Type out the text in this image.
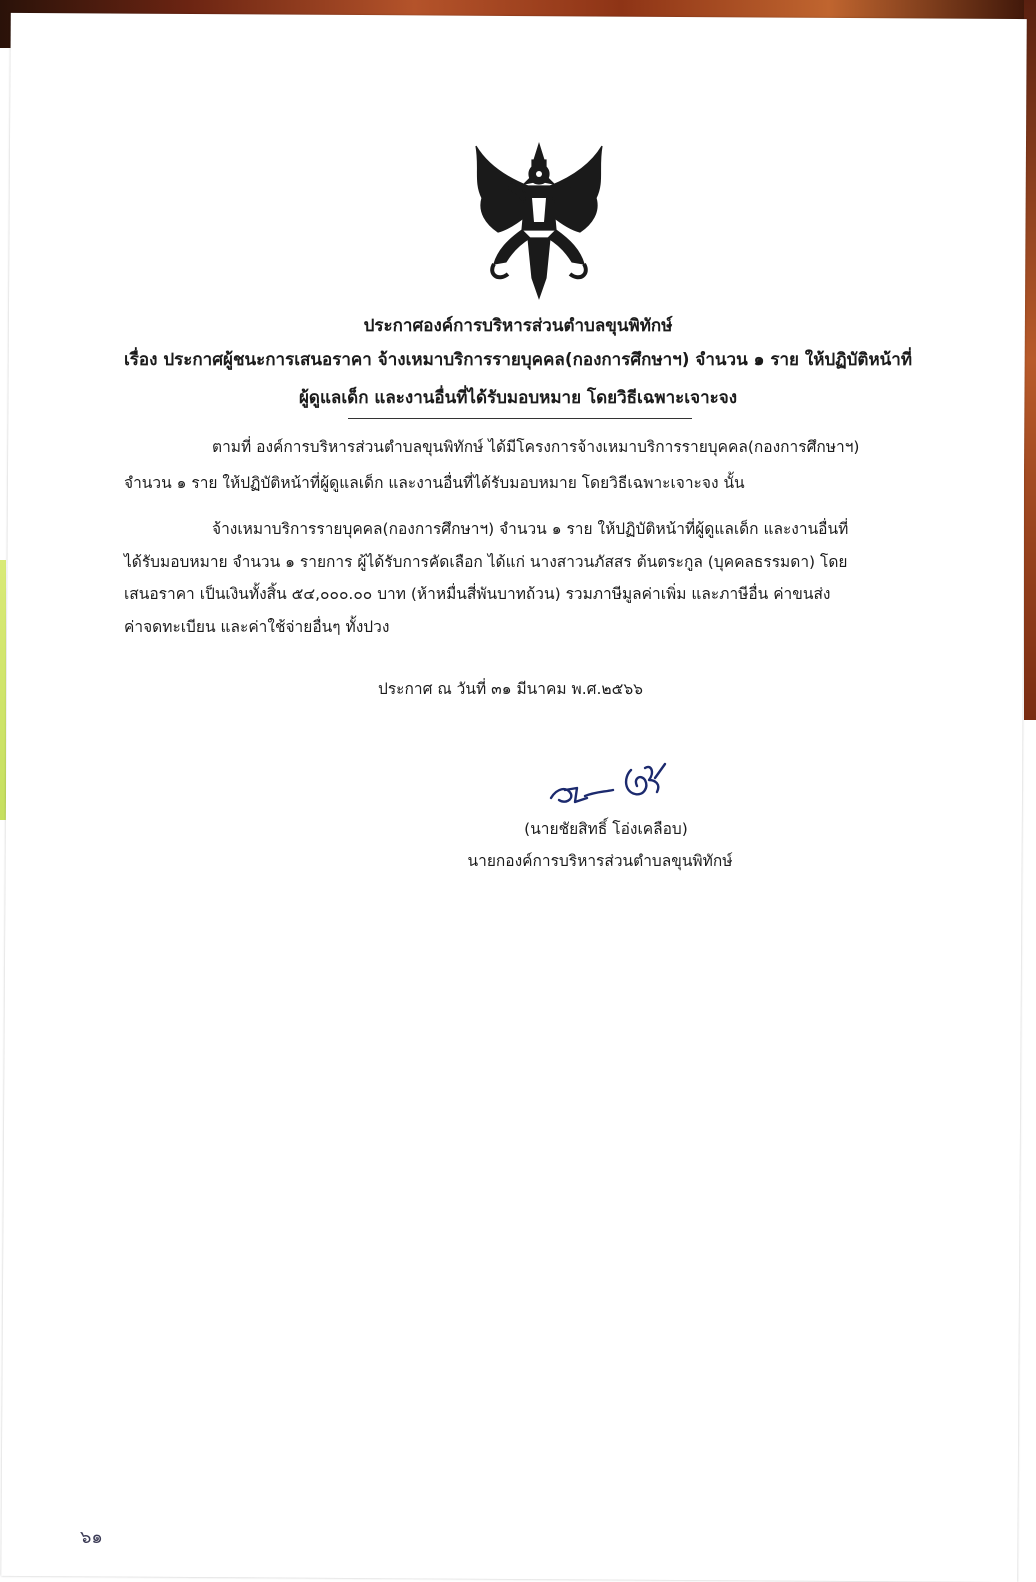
ประกาศองค์การบริหารส่วนตำบลขุนพิทักษ์
เรื่อง ประกาศผู้ชนะการเสนอราคา จ้างเหมาบริการรายบุคคล(กองการศึกษาฯ) จำนวน ๑ ราย ให้ปฏิบัติหน้าที่
ผู้ดูแลเด็ก และงานอื่นที่ได้รับมอบหมาย โดยวิธีเฉพาะเจาะจง
ตามที่ องค์การบริหารส่วนตำบลขุนพิทักษ์ ได้มีโครงการจ้างเหมาบริการรายบุคคล(กองการศึกษาฯ)
จำนวน ๑ ราย ให้ปฏิบัติหน้าที่ผู้ดูแลเด็ก และงานอื่นที่ได้รับมอบหมาย โดยวิธีเฉพาะเจาะจง นั้น
จ้างเหมาบริการรายบุคคล(กองการศึกษาฯ) จำนวน ๑ ราย ให้ปฏิบัติหน้าที่ผู้ดูแลเด็ก และงานอื่นที่
ได้รับมอบหมาย จำนวน ๑ รายการ ผู้ได้รับการคัดเลือก ได้แก่ นางสาวนภัสสร ต้นตระกูล (บุคคลธรรมดา) โดย
เสนอราคา เป็นเงินทั้งสิ้น ๕๔,๐๐๐.๐๐ บาท (ห้าหมื่นสี่พันบาทถ้วน) รวมภาษีมูลค่าเพิ่ม และภาษีอื่น ค่าขนส่ง
ค่าจดทะเบียน และค่าใช้จ่ายอื่นๆ ทั้งปวง
ประกาศ ณ วันที่ ๓๑ มีนาคม พ.ศ.๒๕๖๖
(นายชัยสิทธิ์ โอ่งเคลือบ)
นายกองค์การบริหารส่วนตำบลขุนพิทักษ์
๖๑
